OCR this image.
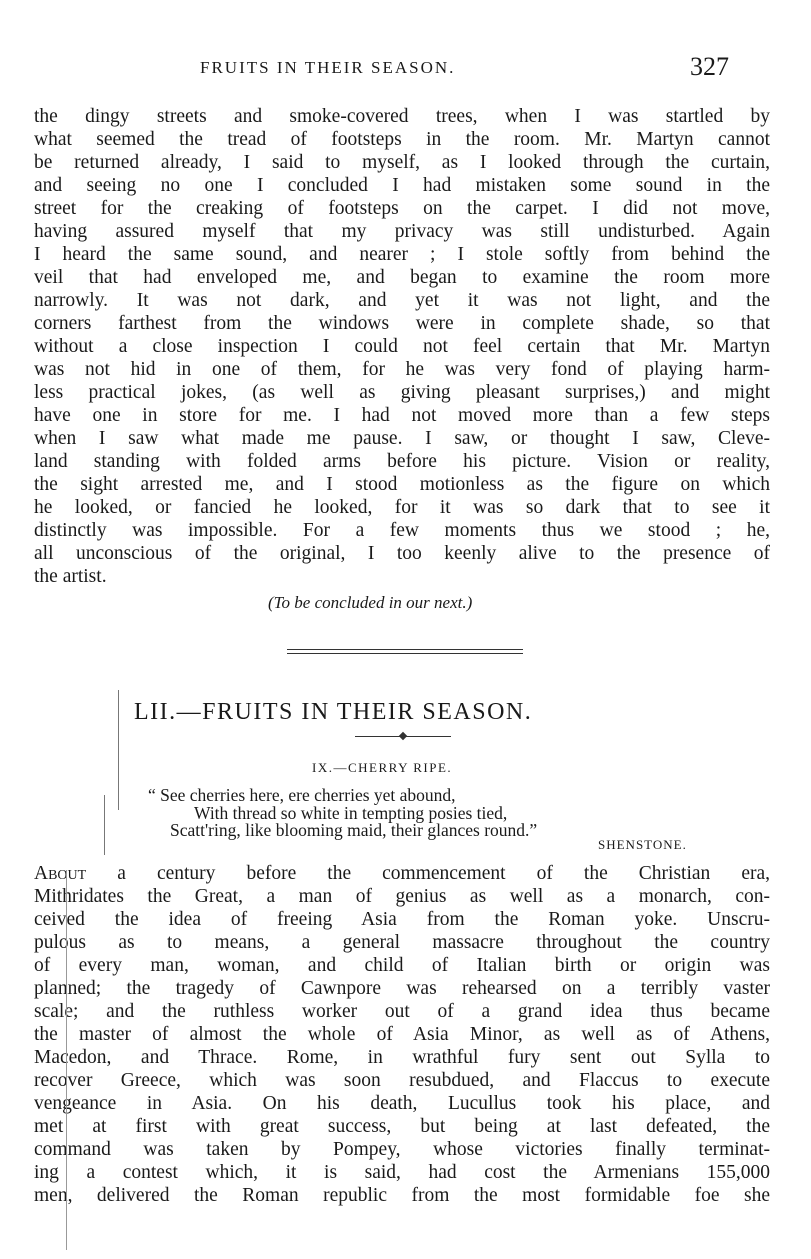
FRUITS IN THEIR SEASON.	327
the dingy streets and smoke-covered trees, when I was startled by
what seemed the tread of footsteps in the room. Mr. Martyn cannot
be returned already, I said to myself, as I looked through the curtain,
and seeing no one I concluded I had mistaken some sound in the
street for the creaking of footsteps on the carpet. I did not move,
having assured myself that my privacy was still undisturbed. Again
I heard the same sound, and nearer ; I stole softly from behind the
veil that had enveloped me, and began to examine the room more
narrowly. It was not dark, and yet it was not light, and the
corners farthest from the windows were in complete shade, so that
without a close inspection I could not feel certain that Mr. Martyn
was not hid in one of them, for he was very fond of playing harm-
less practical jokes, (as well as giving pleasant surprises,) and might
have one in store for me. I had not moved more than a few steps
when I saw what made me pause. I saw, or thought I saw, Cleve-
land standing with folded arms before his picture. Vision or reality,
the sight arrested me, and I stood motionless as the figure on which
he looked, or fancied he looked, for it was so dark that to see it
distinctly was impossible. For a few moments thus we stood ; he,
all unconscious of the original, I too keenly alive to the presence of
the artist.
(To be concluded in our next.)
LII.—FRUITS IN THEIR SEASON.
IX.—CHERRY RIPE.
“ See cherries here, ere cherries yet abound,
With thread so white in tempting posies tied,
Scatt'ring, like blooming maid, their glances round.”
SHENSTONE.
About a century before the commencement of the Christian era,
Mithridates the Great, a man of genius as well as a monarch, con-
ceived the idea of freeing Asia from the Roman yoke. Unscru-
pulous as to means, a general massacre throughout the country
of every man, woman, and child of Italian birth or origin was
planned; the tragedy of Cawnpore was rehearsed on a terribly vaster
scale; and the ruthless worker out of a grand idea thus became
the master of almost the whole of Asia Minor, as well as of Athens,
Macedon, and Thrace. Rome, in wrathful fury sent out Sylla to
recover Greece, which was soon resubdued, and Flaccus to execute
vengeance in Asia. On his death, Lucullus took his place, and
met at first with great success, but being at last defeated, the
command was taken by Pompey, whose victories finally terminat-
ing a contest which, it is said, had cost the Armenians 155,000
men, delivered the Roman republic from the most formidable foe she
